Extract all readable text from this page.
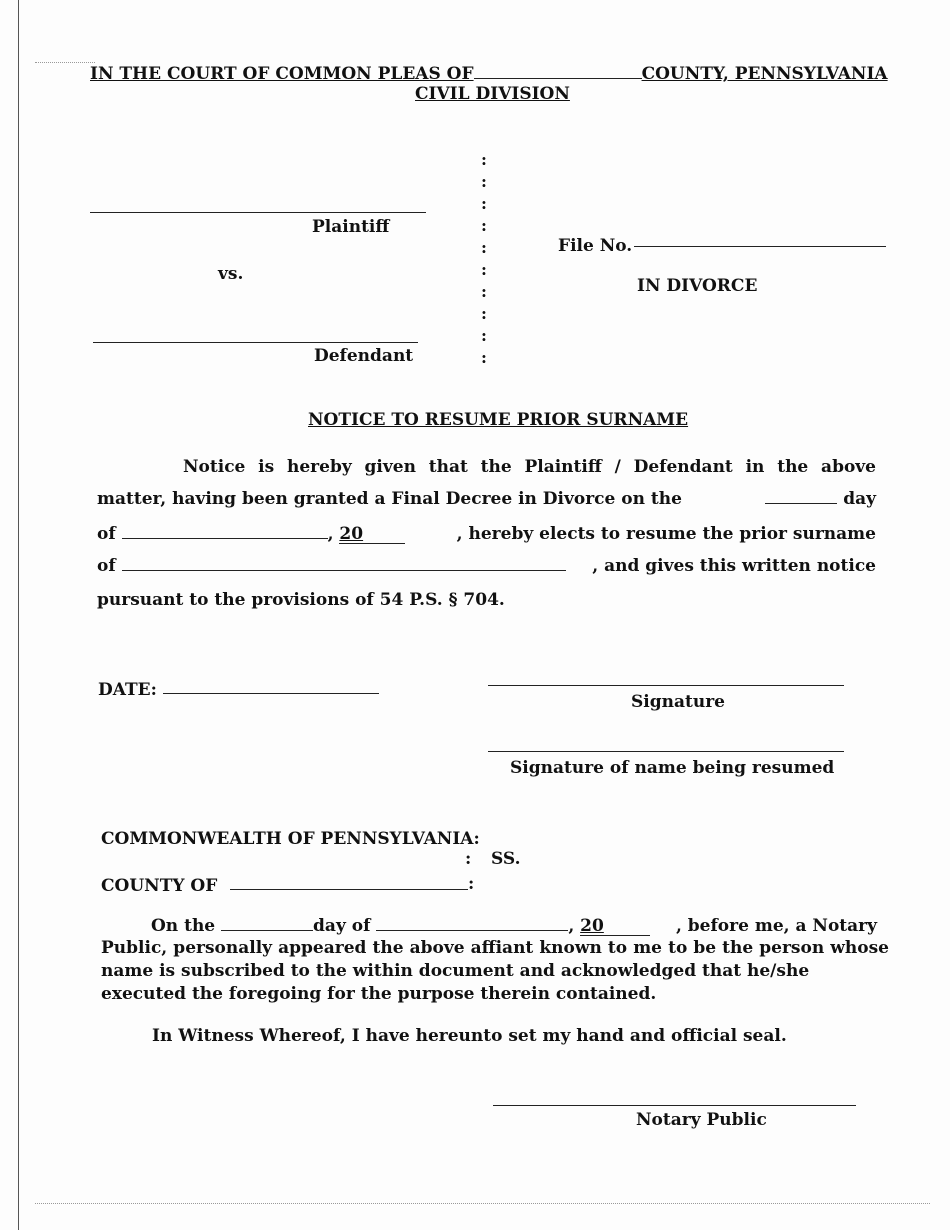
IN THE COURT OF COMMON PLEAS OF	COUNTY, PENNSYLVANIA
CIVIL DIVISION
Plaintiff
vs.
Defendant
:
:
:
:
:
:
:
:
:
:
File No.
IN DIVORCE
NOTICE TO RESUME PRIOR SURNAME
Notice is hereby given that the Plaintiff / Defendant in the above
matter, having been granted a Final Decree in Divorce on the	day
of	, 20	, hereby elects to resume the prior surname
of	, and gives this written notice
pursuant to the provisions of 54 P.S. § 704.
DATE:
Signature
Signature of name being resumed
COMMONWEALTH OF PENNSYLVANIA:
: SS.
COUNTY OF	:
On the	day of	, 20	, before me, a Notary
Public, personally appeared the above affiant known to me to be the person whose
name is subscribed to the within document and acknowledged that he/she
executed the foregoing for the purpose therein contained.
In Witness Whereof, I have hereunto set my hand and official seal.
Notary Public
